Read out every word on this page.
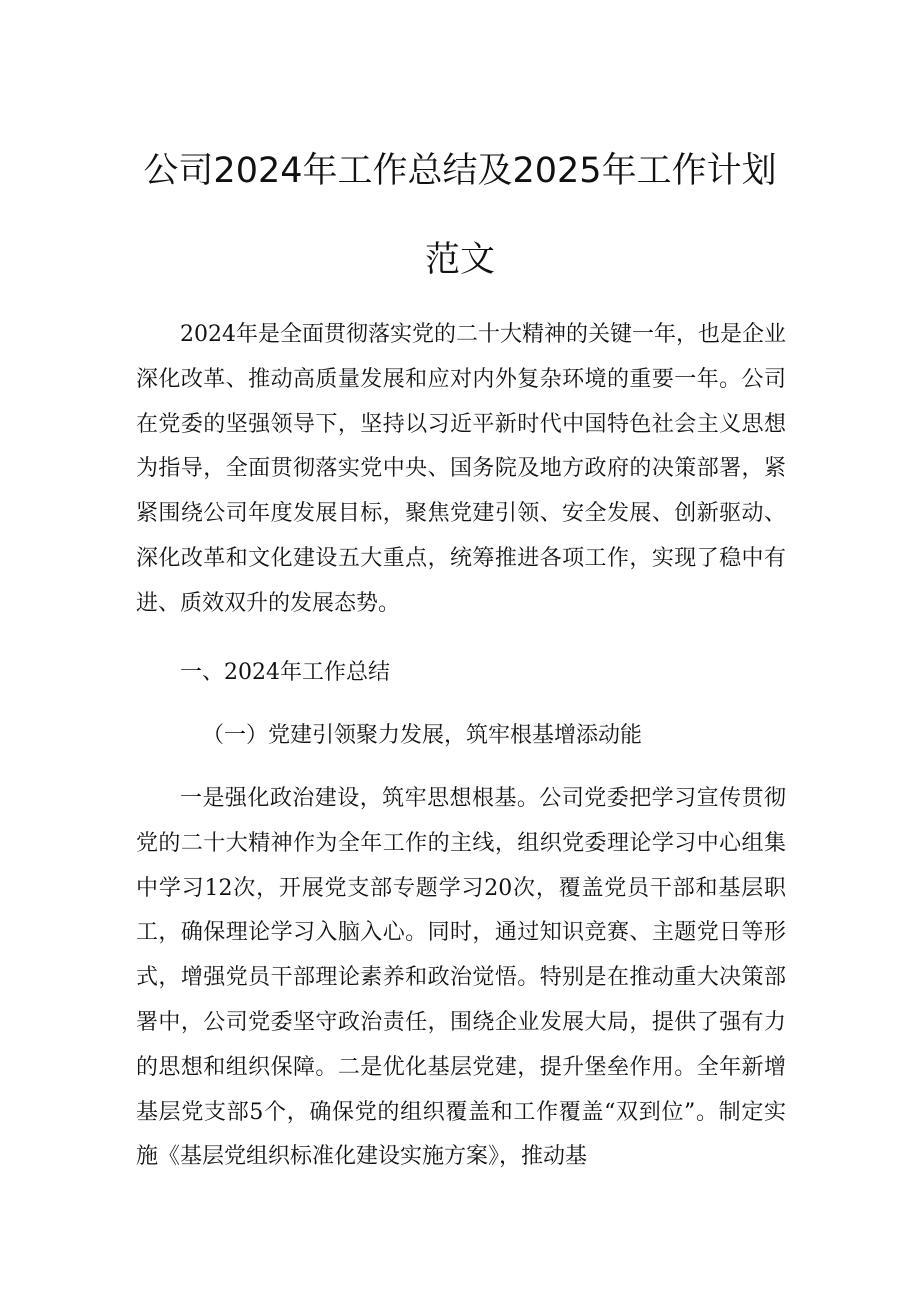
公司2024年工作总结及2025年工作计划
范文

2024年是全面贯彻落实党的二十大精神的关键一年，也是企业深化改革、推动高质量发展和应对内外复杂环境的重要一年。公司在党委的坚强领导下，坚持以习近平新时代中国特色社会主义思想为指导，全面贯彻落实党中央、国务院及地方政府的决策部署，紧紧围绕公司年度发展目标，聚焦党建引领、安全发展、创新驱动、深化改革和文化建设五大重点，统筹推进各项工作，实现了稳中有进、质效双升的发展态势。

一、2024年工作总结

（一）党建引领聚力发展，筑牢根基增添动能

一是强化政治建设，筑牢思想根基。公司党委把学习宣传贯彻党的二十大精神作为全年工作的主线，组织党委理论学习中心组集中学习12次，开展党支部专题学习20次，覆盖党员干部和基层职工，确保理论学习入脑入心。同时，通过知识竞赛、主题党日等形式，增强党员干部理论素养和政治觉悟。特别是在推动重大决策部署中，公司党委坚守政治责任，围绕企业发展大局，提供了强有力的思想和组织保障。二是优化基层党建，提升堡垒作用。全年新增基层党支部5个，确保党的组织覆盖和工作覆盖“双到位”。制定实施《基层党组织标准化建设实施方案》，推动基
